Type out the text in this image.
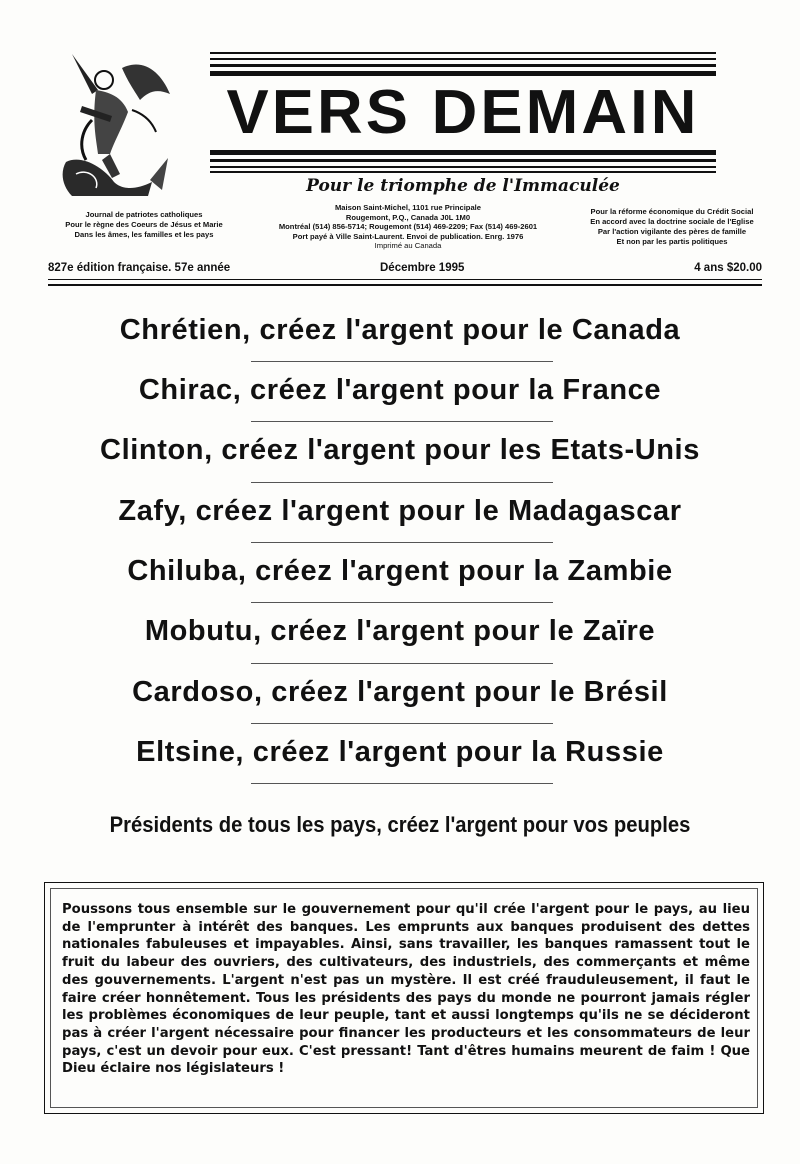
VERS DEMAIN
Pour le triomphe de l'Immaculée
Journal de patriotes catholiques
Pour le règne des Coeurs de Jésus et Marie
Dans les âmes, les familles et les pays
Maison Saint-Michel, 1101 rue Principale
Rougemont, P.Q., Canada J0L 1M0
Montréal (514) 856-5714; Rougemont (514) 469-2209; Fax (514) 469-2601
Port payé à Ville Saint-Laurent. Envoi de publication. Enrg. 1976
Imprimé au Canada
Pour la réforme économique du Crédit Social
En accord avec la doctrine sociale de l'Eglise
Par l'action vigilante des pères de famille
Et non par les partis politiques
827e édition française. 57e année	Décembre 1995	4 ans $20.00
Chrétien, créez l'argent pour le Canada
Chirac, créez l'argent pour la France
Clinton, créez l'argent pour les Etats-Unis
Zafy, créez l'argent pour le Madagascar
Chiluba, créez l'argent pour la Zambie
Mobutu, créez l'argent pour le Zaïre
Cardoso, créez l'argent pour le Brésil
Eltsine, créez l'argent pour la Russie
Présidents de tous les pays, créez l'argent pour vos peuples
Poussons tous ensemble sur le gouvernement pour qu'il crée l'argent pour le pays, au lieu de l'emprunter à intérêt des banques. Les emprunts aux banques produisent des dettes nationales fabuleuses et impayables. Ainsi, sans travailler, les banques ramassent tout le fruit du labeur des ouvriers, des cultivateurs, des industriels, des commerçants et même des gouvernements. L'argent n'est pas un mystère. Il est créé frauduleusement, il faut le faire créer honnêtement. Tous les présidents des pays du monde ne pourront jamais régler les problèmes économiques de leur peuple, tant et aussi longtemps qu'ils ne se décideront pas à créer l'argent nécessaire pour financer les producteurs et les consommateurs de leur pays, c'est un devoir pour eux. C'est pressant! Tant d'êtres humains meurent de faim ! Que Dieu éclaire nos législateurs !
